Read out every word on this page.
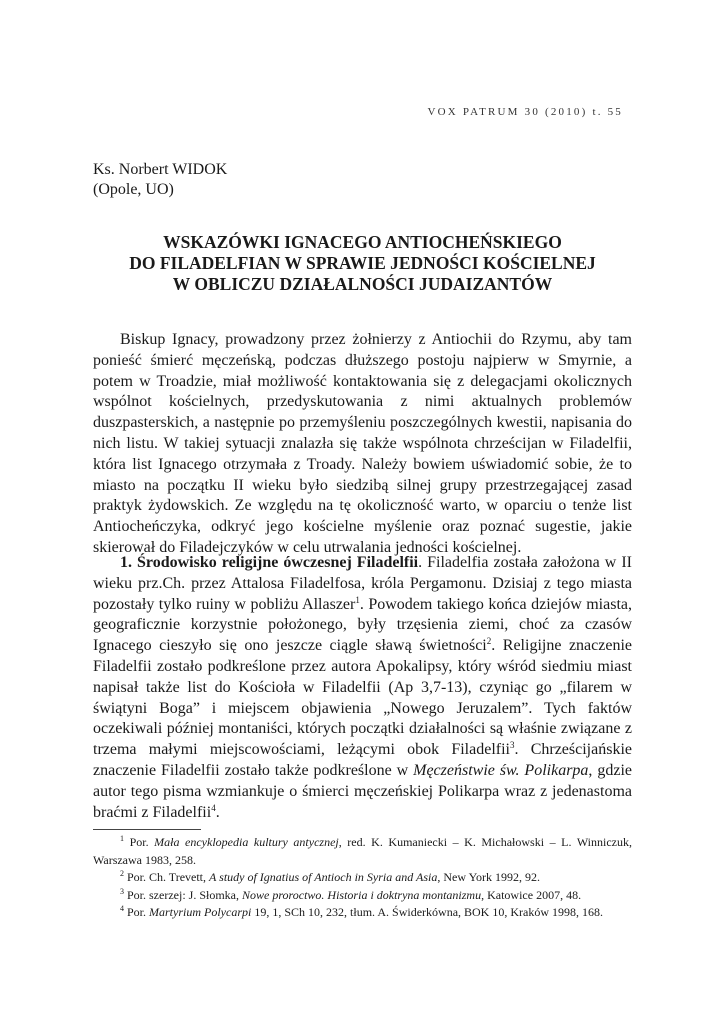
VOX PATRUM 30 (2010) t. 55
Ks. Norbert WIDOK
(Opole, UO)
WSKAZÓWKI IGNACEGO ANTIOCHEŃSKIEGO
DO FILADELFIAN W SPRAWIE JEDNOŚCI KOŚCIELNEJ
W OBLICZU DZIAŁALNOŚCI JUDAIZANTÓW

Biskup Ignacy, prowadzony przez żołnierzy z Antiochii do Rzymu, aby tam ponieść śmierć męczeńską, podczas dłuższego postoju najpierw w Smyrnie, a potem w Troadzie, miał możliwość kontaktowania się z delegacjami okolicznych wspólnot kościelnych, przedyskutowania z nimi aktualnych problemów duszpasterskich, a następnie po przemyśleniu poszczególnych kwestii, napisania do nich listu. W takiej sytuacji znalazła się także wspólnota chrześcijan w Filadelfii, która list Ignacego otrzymała z Troady. Należy bowiem uświadomić sobie, że to miasto na początku II wieku było siedzibą silnej grupy przestrzegającej zasad praktyk żydowskich. Ze względu na tę okoliczność warto, w oparciu o tenże list Antiocheńczyka, odkryć jego kościelne myślenie oraz poznać sugestie, jakie skierował do Filadejczyków w celu utrwalania jedności kościelnej.

1. Środowisko religijne ówczesnej Filadelfii. Filadelfia została założona w II wieku prz.Ch. przez Attalosa Filadelfosa, króla Pergamonu. Dzisiaj z tego miasta pozostały tylko ruiny w pobliżu Allaszer$^1$. Powodem takiego końca dziejów miasta, geograficznie korzystnie położonego, były trzęsienia ziemi, choć za czasów Ignacego cieszyło się ono jeszcze ciągle sławą świetności$^2$. Religijne znaczenie Filadelfii zostało podkreślone przez autora Apokalipsy, który wśród siedmiu miast napisał także list do Kościoła w Filadelfii (Ap 3,7-13), czyniąc go „filarem w świątyni Boga” i miejscem objawienia „Nowego Jeruzalem”. Tych faktów oczekiwali później montaniści, których początki działalności są właśnie związane z trzema małymi miejscowościami, leżącymi obok Filadelfii$^3$. Chrześcijańskie znaczenie Filadelfii zostało także podkreślone w Męczeństwie św. Polikarpa, gdzie autor tego pisma wzmiankuje o śmierci męczeńskiej Polikarpa wraz z jedenastoma braćmi z Filadelfii$^4$.

$^1$ Por. Mała encyklopedia kultury antycznej, red. K. Kumaniecki – K. Michałowski – L. Winniczuk, Warszawa 1983, 258.

$^2$ Por. Ch. Trevett, A study of Ignatius of Antioch in Syria and Asia, New York 1992, 92.

$^3$ Por. szerzej: J. Słomka, Nowe proroctwo. Historia i doktryna montanizmu, Katowice 2007, 48.

$^4$ Por. Martyrium Polycarpi 19, 1, SCh 10, 232, tłum. A. Świderkówna, BOK 10, Kraków 1998, 168.
